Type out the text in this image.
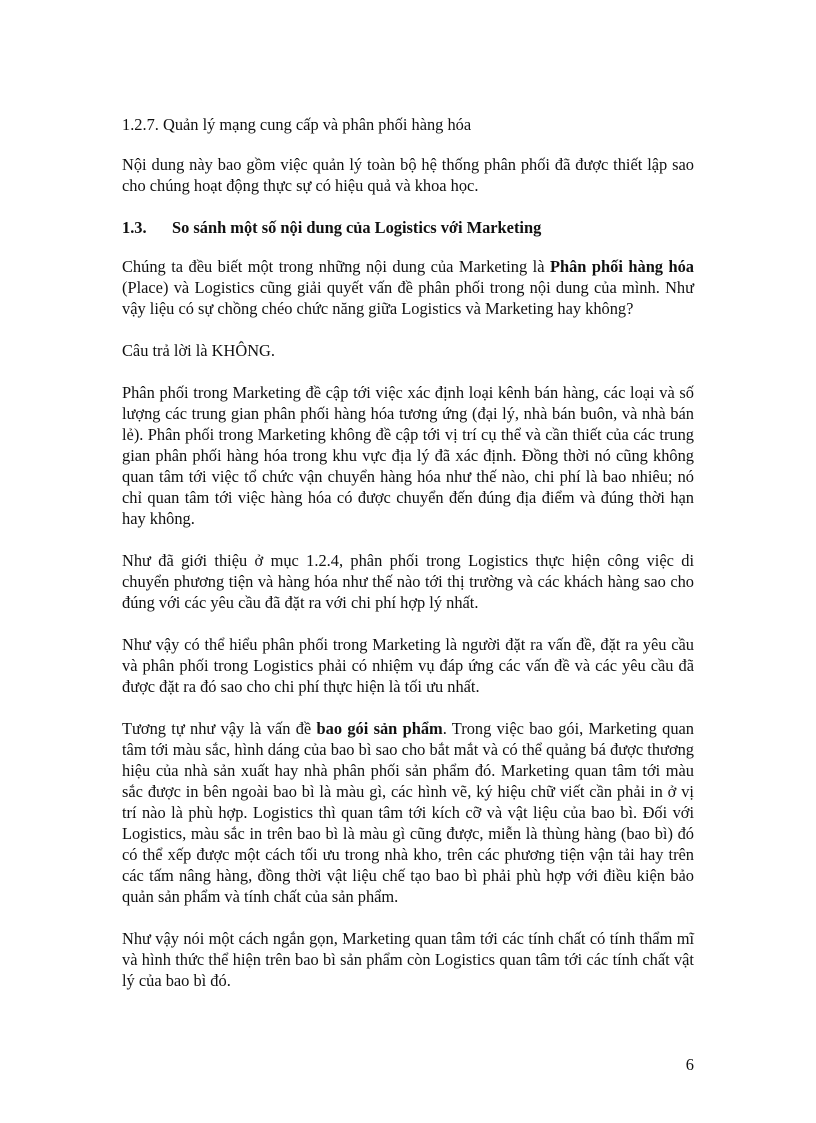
1.2.7. Quản lý mạng cung cấp và phân phối hàng hóa

Nội dung này bao gồm việc quản lý toàn bộ hệ thống phân phối đã được thiết lập sao cho chúng hoạt động thực sự có hiệu quả và khoa học.

1.3.	So sánh một số nội dung của Logistics với Marketing

Chúng ta đều biết một trong những nội dung của Marketing là Phân phối hàng hóa (Place) và Logistics cũng giải quyết vấn đề phân phối trong nội dung của mình. Như vậy liệu có sự chồng chéo chức năng giữa Logistics và Marketing hay không?

Câu trả lời là KHÔNG.

Phân phối trong Marketing đề cập tới việc xác định loại kênh bán hàng, các loại và số lượng các trung gian phân phối hàng hóa tương ứng (đại lý, nhà bán buôn, và nhà bán lẻ). Phân phối trong Marketing không đề cập tới vị trí cụ thể và cần thiết của các trung gian phân phối hàng hóa trong khu vực địa lý đã xác định. Đồng thời nó cũng không quan tâm tới việc tổ chức vận chuyển hàng hóa như thế nào, chi phí là bao nhiêu; nó chỉ quan tâm tới việc hàng hóa có được chuyển đến đúng địa điểm và đúng thời hạn hay không.

Như đã giới thiệu ở mục 1.2.4, phân phối trong Logistics thực hiện công việc di chuyển phương tiện và hàng hóa như thế nào tới thị trường và các khách hàng sao cho đúng với các yêu cầu đã đặt ra với chi phí hợp lý nhất.

Như vậy có thể hiểu phân phối trong Marketing là người đặt ra vấn đề, đặt ra yêu cầu và phân phối trong Logistics phải có nhiệm vụ đáp ứng các vấn đề và các yêu cầu đã được đặt ra đó sao cho chi phí thực hiện là tối ưu nhất.

Tương tự như vậy là vấn đề bao gói sản phẩm. Trong việc bao gói, Marketing quan tâm tới màu sắc, hình dáng của bao bì sao cho bắt mắt và có thể quảng bá được thương hiệu của nhà sản xuất hay nhà phân phối sản phẩm đó. Marketing quan tâm tới màu sắc được in bên ngoài bao bì là màu gì, các hình vẽ, ký hiệu chữ viết cần phải in ở vị trí nào là phù hợp. Logistics thì quan tâm tới kích cỡ và vật liệu của bao bì. Đối với Logistics, màu sắc in trên bao bì là màu gì cũng được, miễn là thùng hàng (bao bì) đó có thể xếp được một cách tối ưu trong nhà kho, trên các phương tiện vận tải hay trên các tấm nâng hàng, đồng thời vật liệu chế tạo bao bì phải phù hợp với điều kiện bảo quản sản phẩm và tính chất của sản phẩm.

Như vậy nói một cách ngắn gọn, Marketing quan tâm tới các tính chất có tính thẩm mĩ và hình thức thể hiện trên bao bì sản phẩm còn Logistics quan tâm tới các tính chất vật lý của bao bì đó.

6
